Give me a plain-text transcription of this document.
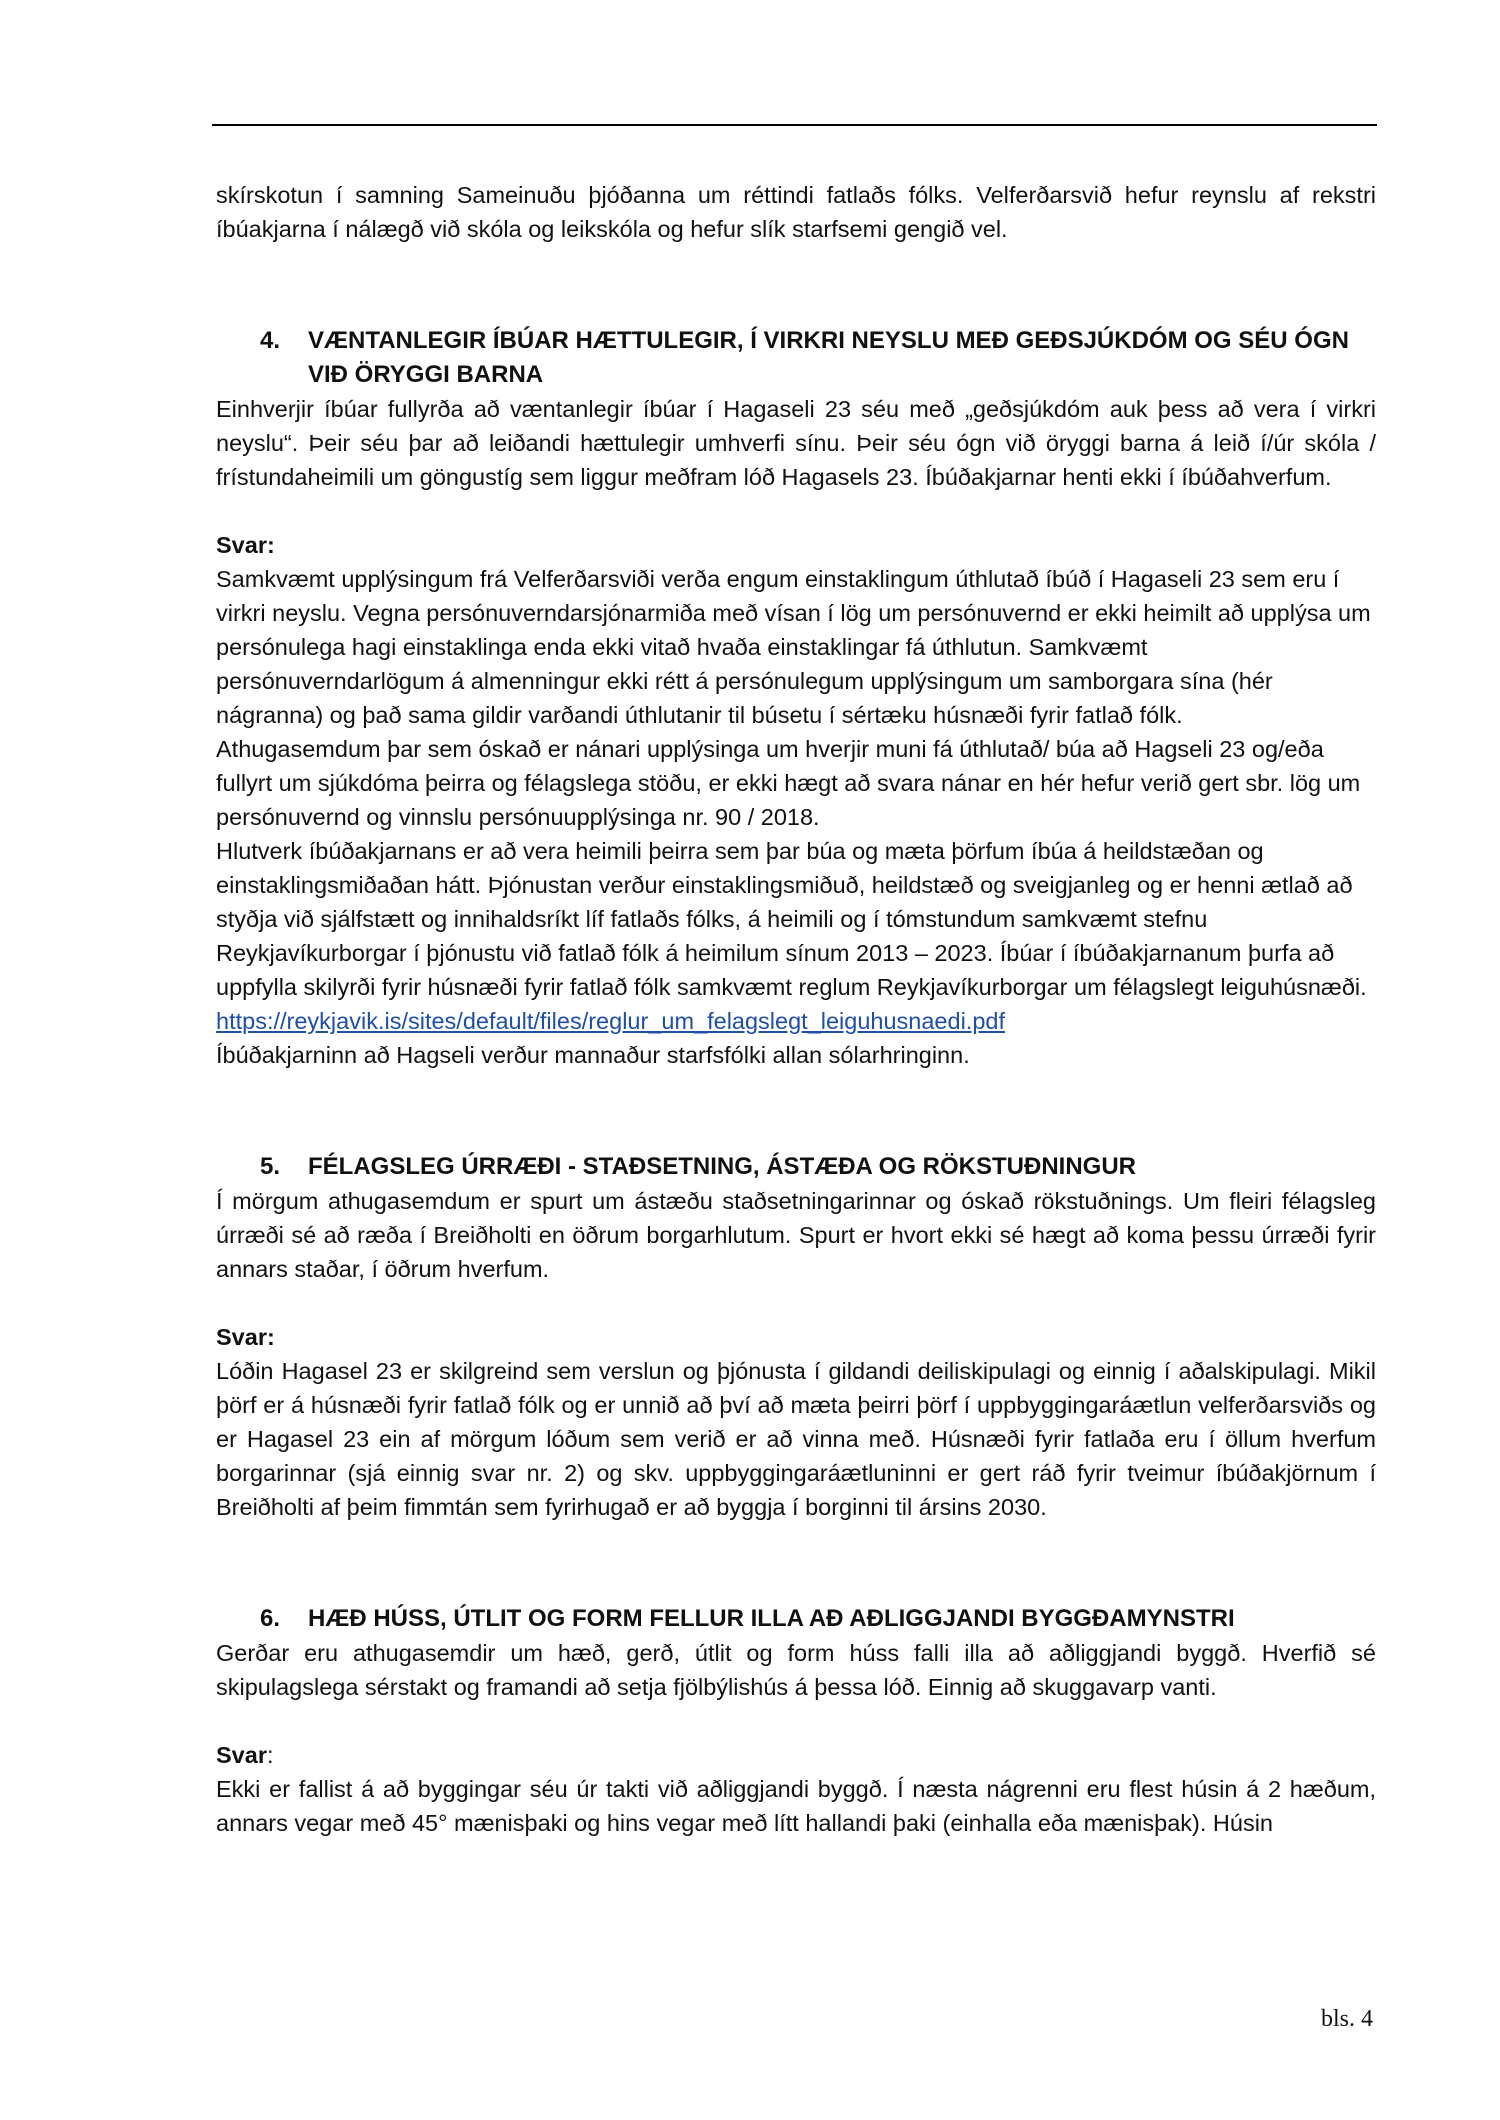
skírskotun í samning Sameinuðu þjóðanna um réttindi fatlaðs fólks. Velferðarsvið hefur reynslu af rekstri íbúakjarna í nálægð við skóla og leikskóla og hefur slík starfsemi gengið vel.

4.	VÆNTANLEGIR ÍBÚAR HÆTTULEGIR, Í VIRKRI NEYSLU MEÐ GEÐSJÚKDÓM OG SÉU ÓGN VIÐ ÖRYGGI BARNA

Einhverjir íbúar fullyrða að væntanlegir íbúar í Hagaseli 23 séu með „geðsjúkdóm auk þess að vera í virkri neyslu“. Þeir séu þar að leiðandi hættulegir umhverfi sínu. Þeir séu ógn við öryggi barna á leið í/úr skóla / frístundaheimili um göngustíg sem liggur meðfram lóð Hagasels 23. Íbúðakjarnar henti ekki í íbúðahverfum.

Svar:

Samkvæmt upplýsingum frá Velferðarsviði verða engum einstaklingum úthlutað íbúð í Hagaseli 23 sem eru í virkri neyslu. Vegna persónuverndarsjónarmiða með vísan í lög um persónuvernd er ekki heimilt að upplýsa um persónulega hagi einstaklinga enda ekki vitað hvaða einstaklingar fá úthlutun. Samkvæmt persónuverndarlögum á almenningur ekki rétt á persónulegum upplýsingum um samborgara sína (hér nágranna) og það sama gildir varðandi úthlutanir til búsetu í sértæku húsnæði fyrir fatlað fólk.

Athugasemdum þar sem óskað er nánari upplýsinga um hverjir muni fá úthlutað/ búa að Hagseli 23 og/eða fullyrt um sjúkdóma þeirra og félagslega stöðu, er ekki hægt að svara nánar en hér hefur verið gert sbr. lög um persónuvernd og vinnslu persónuupplýsinga nr. 90 / 2018.

Hlutverk íbúðakjarnans er að vera heimili þeirra sem þar búa og mæta þörfum íbúa á heildstæðan og einstaklingsmiðaðan hátt. Þjónustan verður einstaklingsmiðuð, heildstæð og sveigjanleg og er henni ætlað að styðja við sjálfstætt og innihaldsríkt líf fatlaðs fólks, á heimili og í tómstundum samkvæmt stefnu Reykjavíkurborgar í þjónustu við fatlað fólk á heimilum sínum 2013 – 2023. Íbúar í íbúðakjarnanum þurfa að uppfylla skilyrði fyrir húsnæði fyrir fatlað fólk samkvæmt reglum Reykjavíkurborgar um félagslegt leiguhúsnæði.

https://reykjavik.is/sites/default/files/reglur_um_felagslegt_leiguhusnaedi.pdf

Íbúðakjarninn að Hagseli verður mannaður starfsfólki allan sólarhringinn.

5.	FÉLAGSLEG ÚRRÆÐI - STAÐSETNING, ÁSTÆÐA OG RÖKSTUÐNINGUR

Í mörgum athugasemdum er spurt um ástæðu staðsetningarinnar og óskað rökstuðnings. Um fleiri félagsleg úrræði sé að ræða í Breiðholti en öðrum borgarhlutum. Spurt er hvort ekki sé hægt að koma þessu úrræði fyrir annars staðar, í öðrum hverfum.

Svar:

Lóðin Hagasel 23 er skilgreind sem verslun og þjónusta í gildandi deiliskipulagi og einnig í aðalskipulagi. Mikil þörf er á húsnæði fyrir fatlað fólk og er unnið að því að mæta þeirri þörf í uppbyggingaráætlun velferðarsviðs og er Hagasel 23 ein af mörgum lóðum sem verið er að vinna með. Húsnæði fyrir fatlaða eru í öllum hverfum borgarinnar (sjá einnig svar nr. 2) og skv. uppbyggingaráætluninni er gert ráð fyrir tveimur íbúðakjörnum í Breiðholti af þeim fimmtán sem fyrirhugað er að byggja í borginni til ársins 2030.

6.	HÆÐ HÚSS, ÚTLIT OG FORM FELLUR ILLA AÐ AÐLIGGJANDI BYGGÐAMYNSTRI

Gerðar eru athugasemdir um hæð, gerð, útlit og form húss falli illa að aðliggjandi byggð. Hverfið sé skipulagslega sérstakt og framandi að setja fjölbýlishús á þessa lóð. Einnig að skuggavarp vanti.

Svar:

Ekki er fallist á að byggingar séu úr takti við aðliggjandi byggð. Í næsta nágrenni eru flest húsin á 2 hæðum, annars vegar með 45° mænisþaki og hins vegar með lítt hallandi þaki (einhalla eða mænisþak). Húsin

bls. 4
